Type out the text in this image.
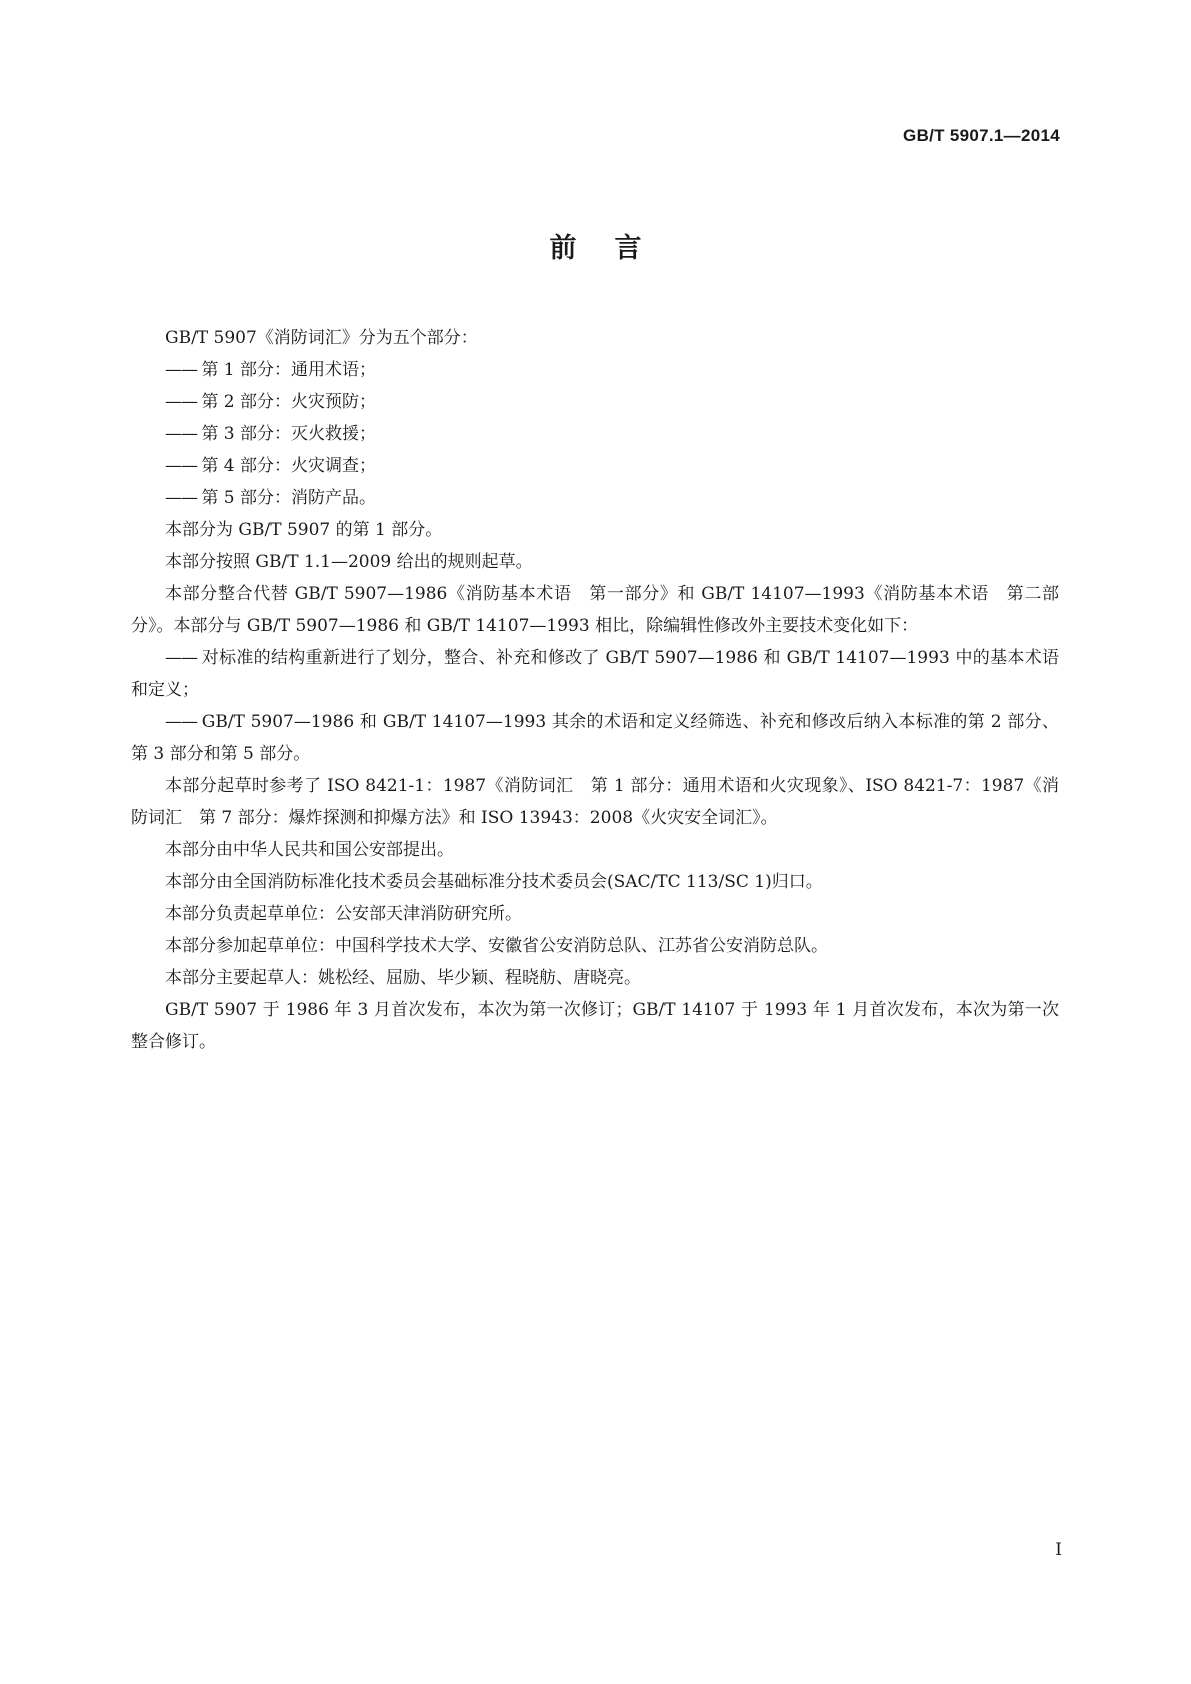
GB/T 5907.1—2014
前言

GB/T 5907《消防词汇》分为五个部分：

—— 第 1 部分：通用术语；

—— 第 2 部分：火灾预防；

—— 第 3 部分：灭火救援；

—— 第 4 部分：火灾调查；

—— 第 5 部分：消防产品。

本部分为 GB/T 5907 的第 1 部分。

本部分按照 GB/T 1.1—2009 给出的规则起草。

本部分整合代替 GB/T 5907—1986《消防基本术语　第一部分》和 GB/T 14107—1993《消防基本术语　第二部分》。本部分与 GB/T 5907—1986 和 GB/T 14107—1993 相比，除编辑性修改外主要技术变化如下：

—— 对标准的结构重新进行了划分，整合、补充和修改了 GB/T 5907—1986 和 GB/T 14107—1993 中的基本术语和定义；

—— GB/T 5907—1986 和 GB/T 14107—1993 其余的术语和定义经筛选、补充和修改后纳入本标准的第 2 部分、第 3 部分和第 5 部分。

本部分起草时参考了 ISO 8421-1：1987《消防词汇　第 1 部分：通用术语和火灾现象》、ISO 8421-7：1987《消防词汇　第 7 部分：爆炸探测和抑爆方法》和 ISO 13943：2008《火灾安全词汇》。

本部分由中华人民共和国公安部提出。

本部分由全国消防标准化技术委员会基础标准分技术委员会(SAC/TC 113/SC 1)归口。

本部分负责起草单位：公安部天津消防研究所。

本部分参加起草单位：中国科学技术大学、安徽省公安消防总队、江苏省公安消防总队。

本部分主要起草人：姚松经、屈励、毕少颖、程晓舫、唐晓亮。

GB/T 5907 于 1986 年 3 月首次发布，本次为第一次修订；GB/T 14107 于 1993 年 1 月首次发布，本次为第一次整合修订。

I
